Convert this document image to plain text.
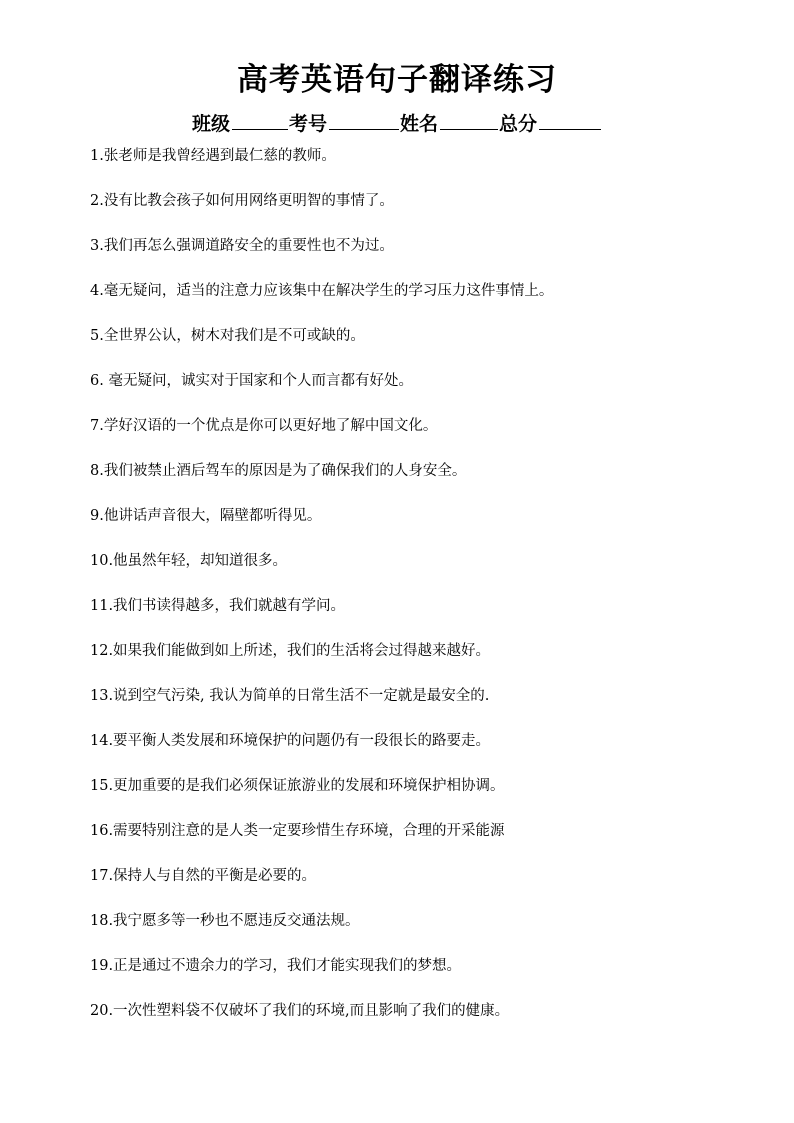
高考英语句子翻译练习
班级	考号	姓名	总分
1.张老师是我曾经遇到最仁慈的教师。
2.没有比教会孩子如何用网络更明智的事情了。
3.我们再怎么强调道路安全的重要性也不为过。
4.毫无疑问，适当的注意力应该集中在解决学生的学习压力这件事情上。
5.全世界公认，树木对我们是不可或缺的。
6. 毫无疑问，诚实对于国家和个人而言都有好处。
7.学好汉语的一个优点是你可以更好地了解中国文化。
8.我们被禁止酒后驾车的原因是为了确保我们的人身安全。
9.他讲话声音很大，隔壁都听得见。
10.他虽然年轻，却知道很多。
11.我们书读得越多，我们就越有学问。
12.如果我们能做到如上所述，我们的生活将会过得越来越好。
13.说到空气污染, 我认为简单的日常生活不一定就是最安全的.
14.要平衡人类发展和环境保护的问题仍有一段很长的路要走。
15.更加重要的是我们必须保证旅游业的发展和环境保护相协调。
16.需要特别注意的是人类一定要珍惜生存环境，合理的开采能源
17.保持人与自然的平衡是必要的。
18.我宁愿多等一秒也不愿违反交通法规。
19.正是通过不遗余力的学习，我们才能实现我们的梦想。
20.一次性塑料袋不仅破坏了我们的环境,而且影响了我们的健康。
